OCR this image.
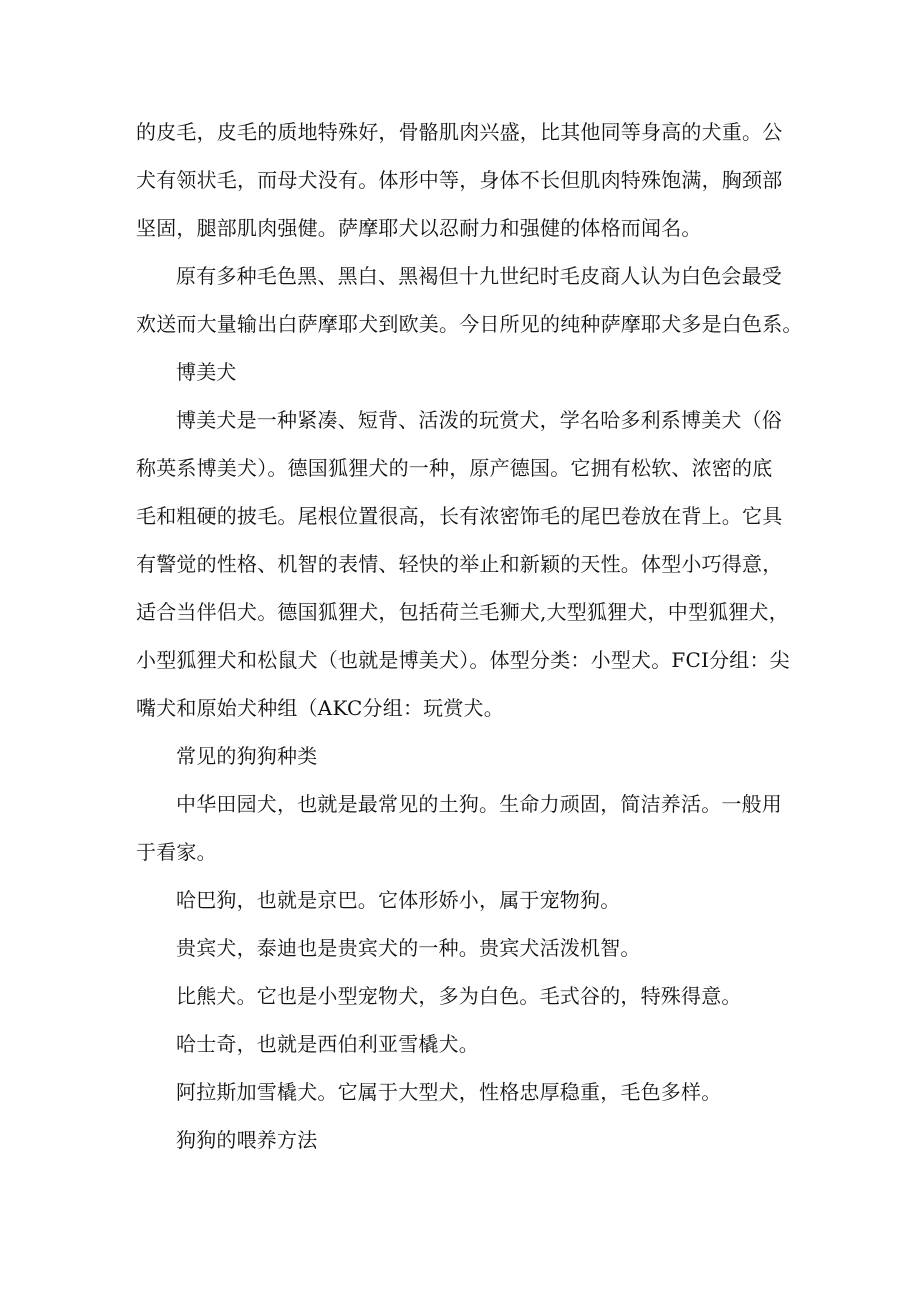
的皮毛，皮毛的质地特殊好，骨骼肌肉兴盛，比其他同等身高的犬重。公
犬有领状毛，而母犬没有。体形中等，身体不长但肌肉特殊饱满，胸颈部
坚固，腿部肌肉强健。萨摩耶犬以忍耐力和强健的体格而闻名。
原有多种毛色黑、黑白、黑褐但十九世纪时毛皮商人认为白色会最受
欢送而大量输出白萨摩耶犬到欧美。今日所见的纯种萨摩耶犬多是白色系。
博美犬
博美犬是一种紧凑、短背、活泼的玩赏犬，学名哈多利系博美犬（俗
称英系博美犬）。德国狐狸犬的一种，原产德国。它拥有松软、浓密的底
毛和粗硬的披毛。尾根位置很高，长有浓密饰毛的尾巴卷放在背上。它具
有警觉的性格、机智的表情、轻快的举止和新颖的天性。体型小巧得意，
适合当伴侣犬。德国狐狸犬，包括荷兰毛狮犬,大型狐狸犬，中型狐狸犬，
小型狐狸犬和松鼠犬（也就是博美犬）。体型分类：小型犬。FCI分组：尖
嘴犬和原始犬种组（AKC分组：玩赏犬。
常见的狗狗种类
中华田园犬，也就是最常见的土狗。生命力顽固，简洁养活。一般用
于看家。
哈巴狗，也就是京巴。它体形娇小，属于宠物狗。
贵宾犬，泰迪也是贵宾犬的一种。贵宾犬活泼机智。
比熊犬。它也是小型宠物犬，多为白色。毛式谷的，特殊得意。
哈士奇，也就是西伯利亚雪橇犬。
阿拉斯加雪橇犬。它属于大型犬，性格忠厚稳重，毛色多样。
狗狗的喂养方法
